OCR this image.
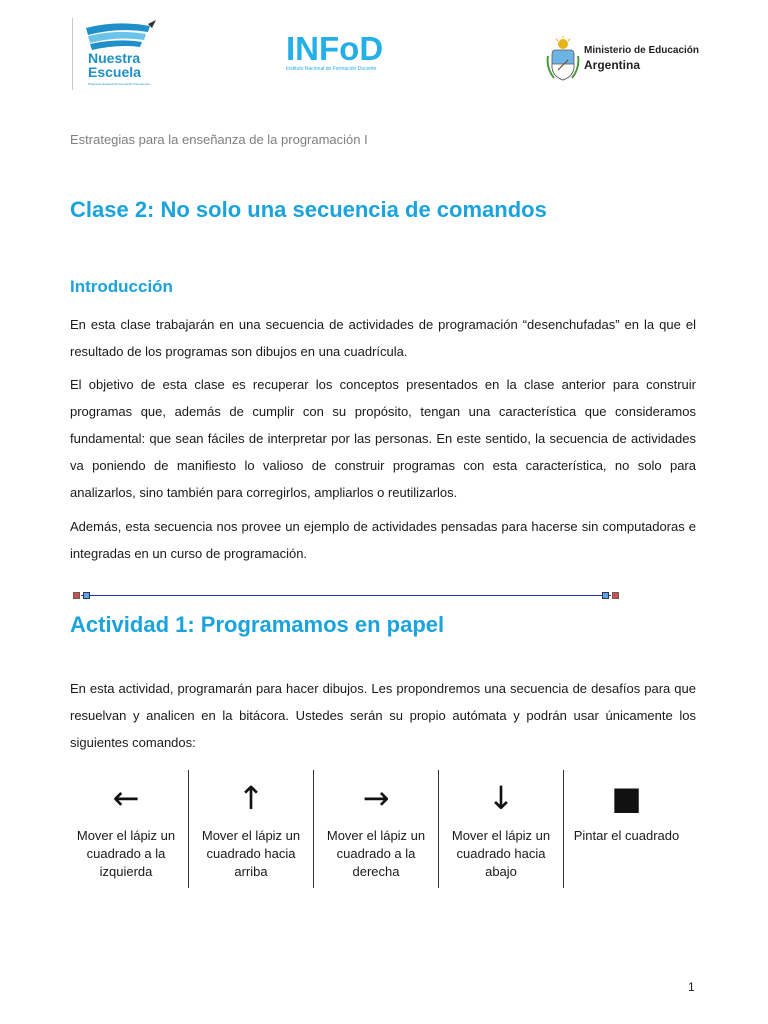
Nuestra
Escuela
Programa Nacional de Formación Permanente
INFoD
Instituto Nacional de Formación Docente
Ministerio de Educación
Argentina
Estrategias para la enseñanza de la programación I
Clase 2: No solo una secuencia de comandos
Introducción
En esta clase trabajarán en una secuencia de actividades de programación “desenchufadas” en la que el resultado de los programas son dibujos en una cuadrícula.
El objetivo de esta clase es recuperar los conceptos presentados en la clase anterior para construir programas que, además de cumplir con su propósito, tengan una característica que consideramos fundamental: que sean fáciles de interpretar por las personas. En este sentido, la secuencia de actividades va poniendo de manifiesto lo valioso de construir programas con esta característica, no solo para analizarlos, sino también para corregirlos, ampliarlos o reutilizarlos.
Además, esta secuencia nos provee un ejemplo de actividades pensadas para hacerse sin computadoras e integradas en un curso de programación.
Actividad 1: Programamos en papel
En esta actividad, programarán para hacer dibujos. Les propondremos una secuencia de desafíos para que resuelvan y analicen en la bitácora. Ustedes serán su propio autómata y podrán usar únicamente los siguientes comandos:
←
Mover el lápiz un cuadrado a la izquierda
↑
Mover el lápiz un cuadrado hacia arriba
→
Mover el lápiz un cuadrado a la derecha
↓
Mover el lápiz un cuadrado hacia abajo
■
Pintar el cuadrado
1
